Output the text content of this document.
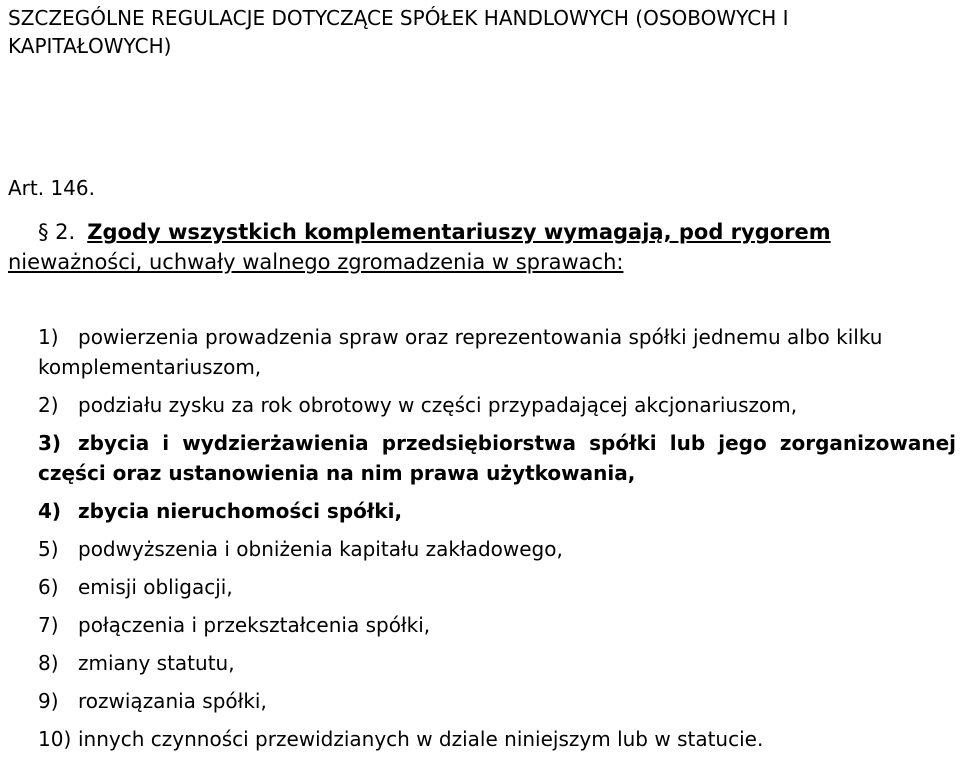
SZCZEGÓLNE REGULACJE DOTYCZĄCE SPÓŁEK HANDLOWYCH (OSOBOWYCH I KAPITAŁOWYCH)
Art. 146.
§ 2. Zgody wszystkich komplementariuszy wymagają, pod rygorem
nieważności, uchwały walnego zgromadzenia w sprawach:
1) powierzenia prowadzenia spraw oraz reprezentowania spółki jednemu albo kilku komplementariuszom,
2) podziału zysku za rok obrotowy w części przypadającej akcjonariuszom,
3) zbycia i wydzierżawienia przedsiębiorstwa spółki lub jego zorganizowanej części oraz ustanowienia na nim prawa użytkowania,
4) zbycia nieruchomości spółki,
5) podwyższenia i obniżenia kapitału zakładowego,
6) emisji obligacji,
7) połączenia i przekształcenia spółki,
8) zmiany statutu,
9) rozwiązania spółki,
10) innych czynności przewidzianych w dziale niniejszym lub w statucie.
